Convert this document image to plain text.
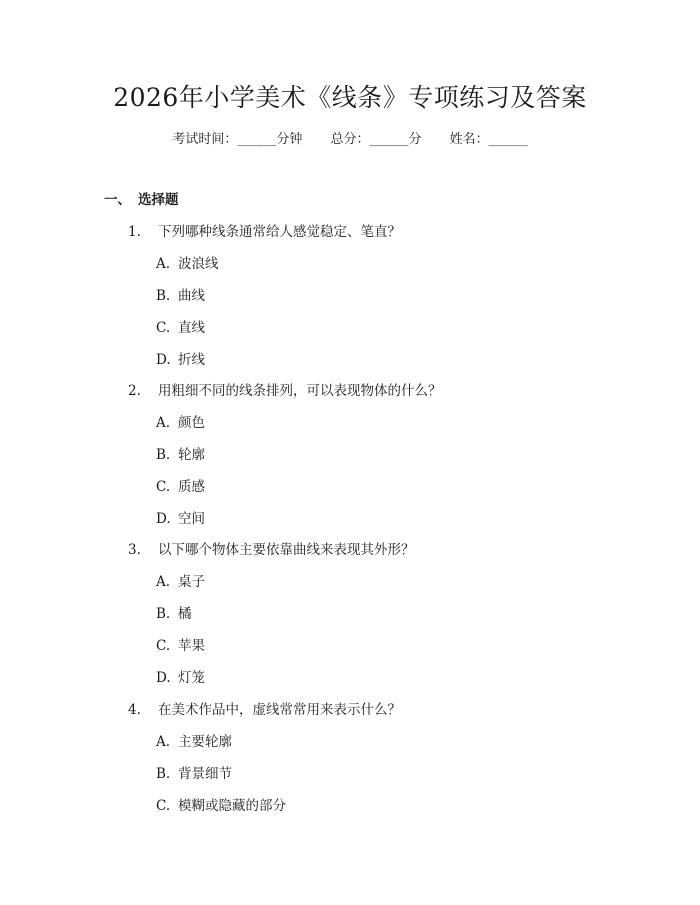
2026年小学美术《线条》专项练习及答案
考试时间：______分钟 总分：______分 姓名：______
一、 选择题
1. 下列哪种线条通常给人感觉稳定、笔直？
A. 波浪线
B. 曲线
C. 直线
D. 折线
2. 用粗细不同的线条排列，可以表现物体的什么？
A. 颜色
B. 轮廓
C. 质感
D. 空间
3. 以下哪个物体主要依靠曲线来表现其外形？
A. 桌子
B. 橘
C. 苹果
D. 灯笼
4. 在美术作品中，虚线常常用来表示什么？
A. 主要轮廓
B. 背景细节
C. 模糊或隐藏的部分
